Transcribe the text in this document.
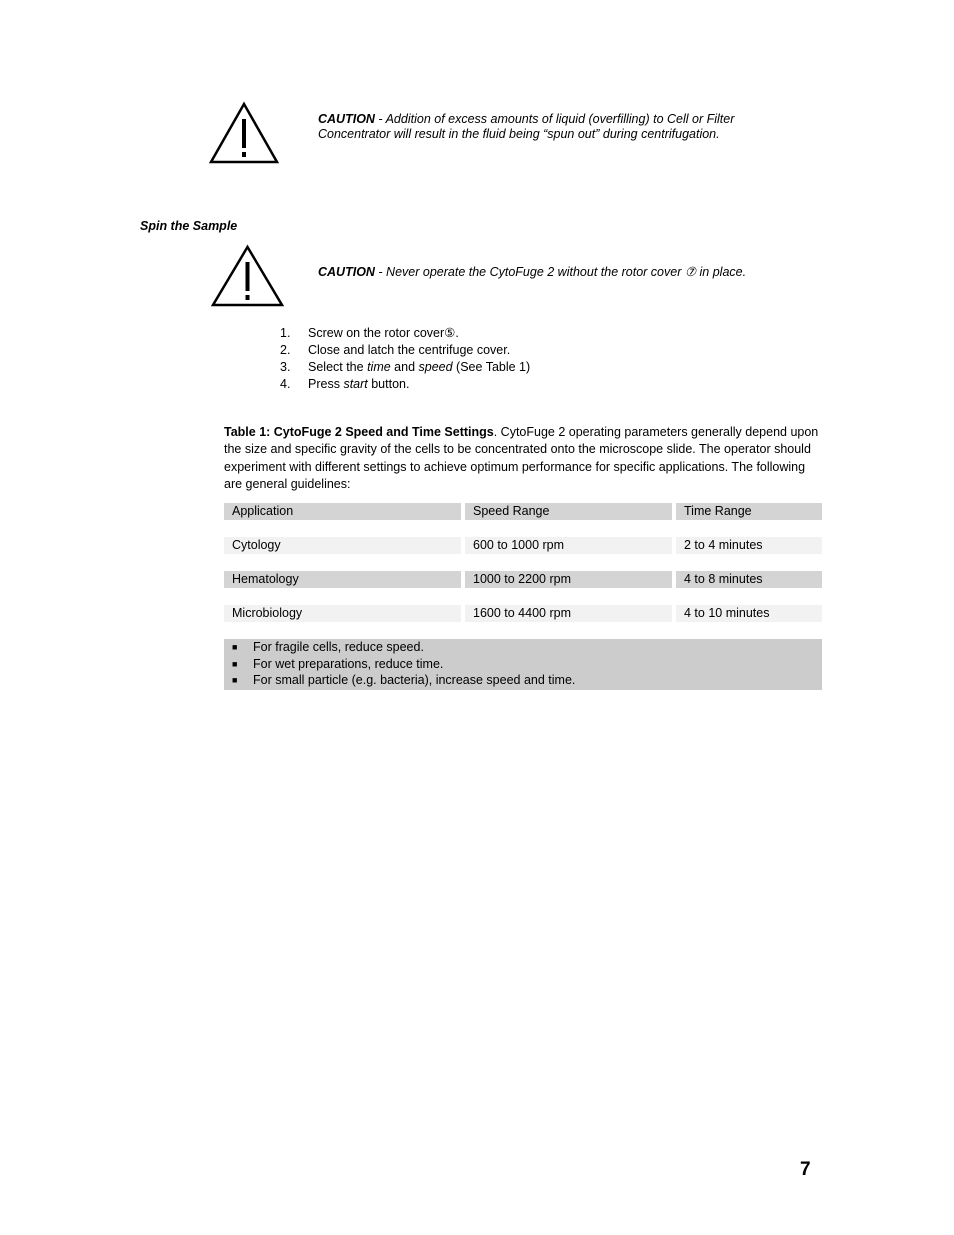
CAUTION - Addition of excess amounts of liquid (overfilling) to Cell or Filter
Concentrator will result in the fluid being “spun out” during centrifugation.
Spin the Sample
CAUTION - Never operate the CytoFuge 2 without the rotor cover ⑦ in place.
1. Screw on the rotor cover⑤.
2. Close and latch the centrifuge cover.
3. Select the time and speed (See Table 1)
4. Press start button.
Table 1: CytoFuge 2 Speed and Time Settings. CytoFuge 2 operating parameters generally depend upon the size and specific gravity of the cells to be concentrated onto the microscope slide. The operator should experiment with different settings to achieve optimum performance for specific applications. The following are general guidelines:
Application	Speed Range	Time Range

Cytology	600 to 1000 rpm	2 to 4 minutes

Hematology	1000 to 2200 rpm	4 to 8 minutes

Microbiology	1600 to 4400 rpm	4 to 10 minutes

■ For fragile cells, reduce speed.
■ For wet preparations, reduce time.
■ For small particle (e.g. bacteria), increase speed and time.
7
